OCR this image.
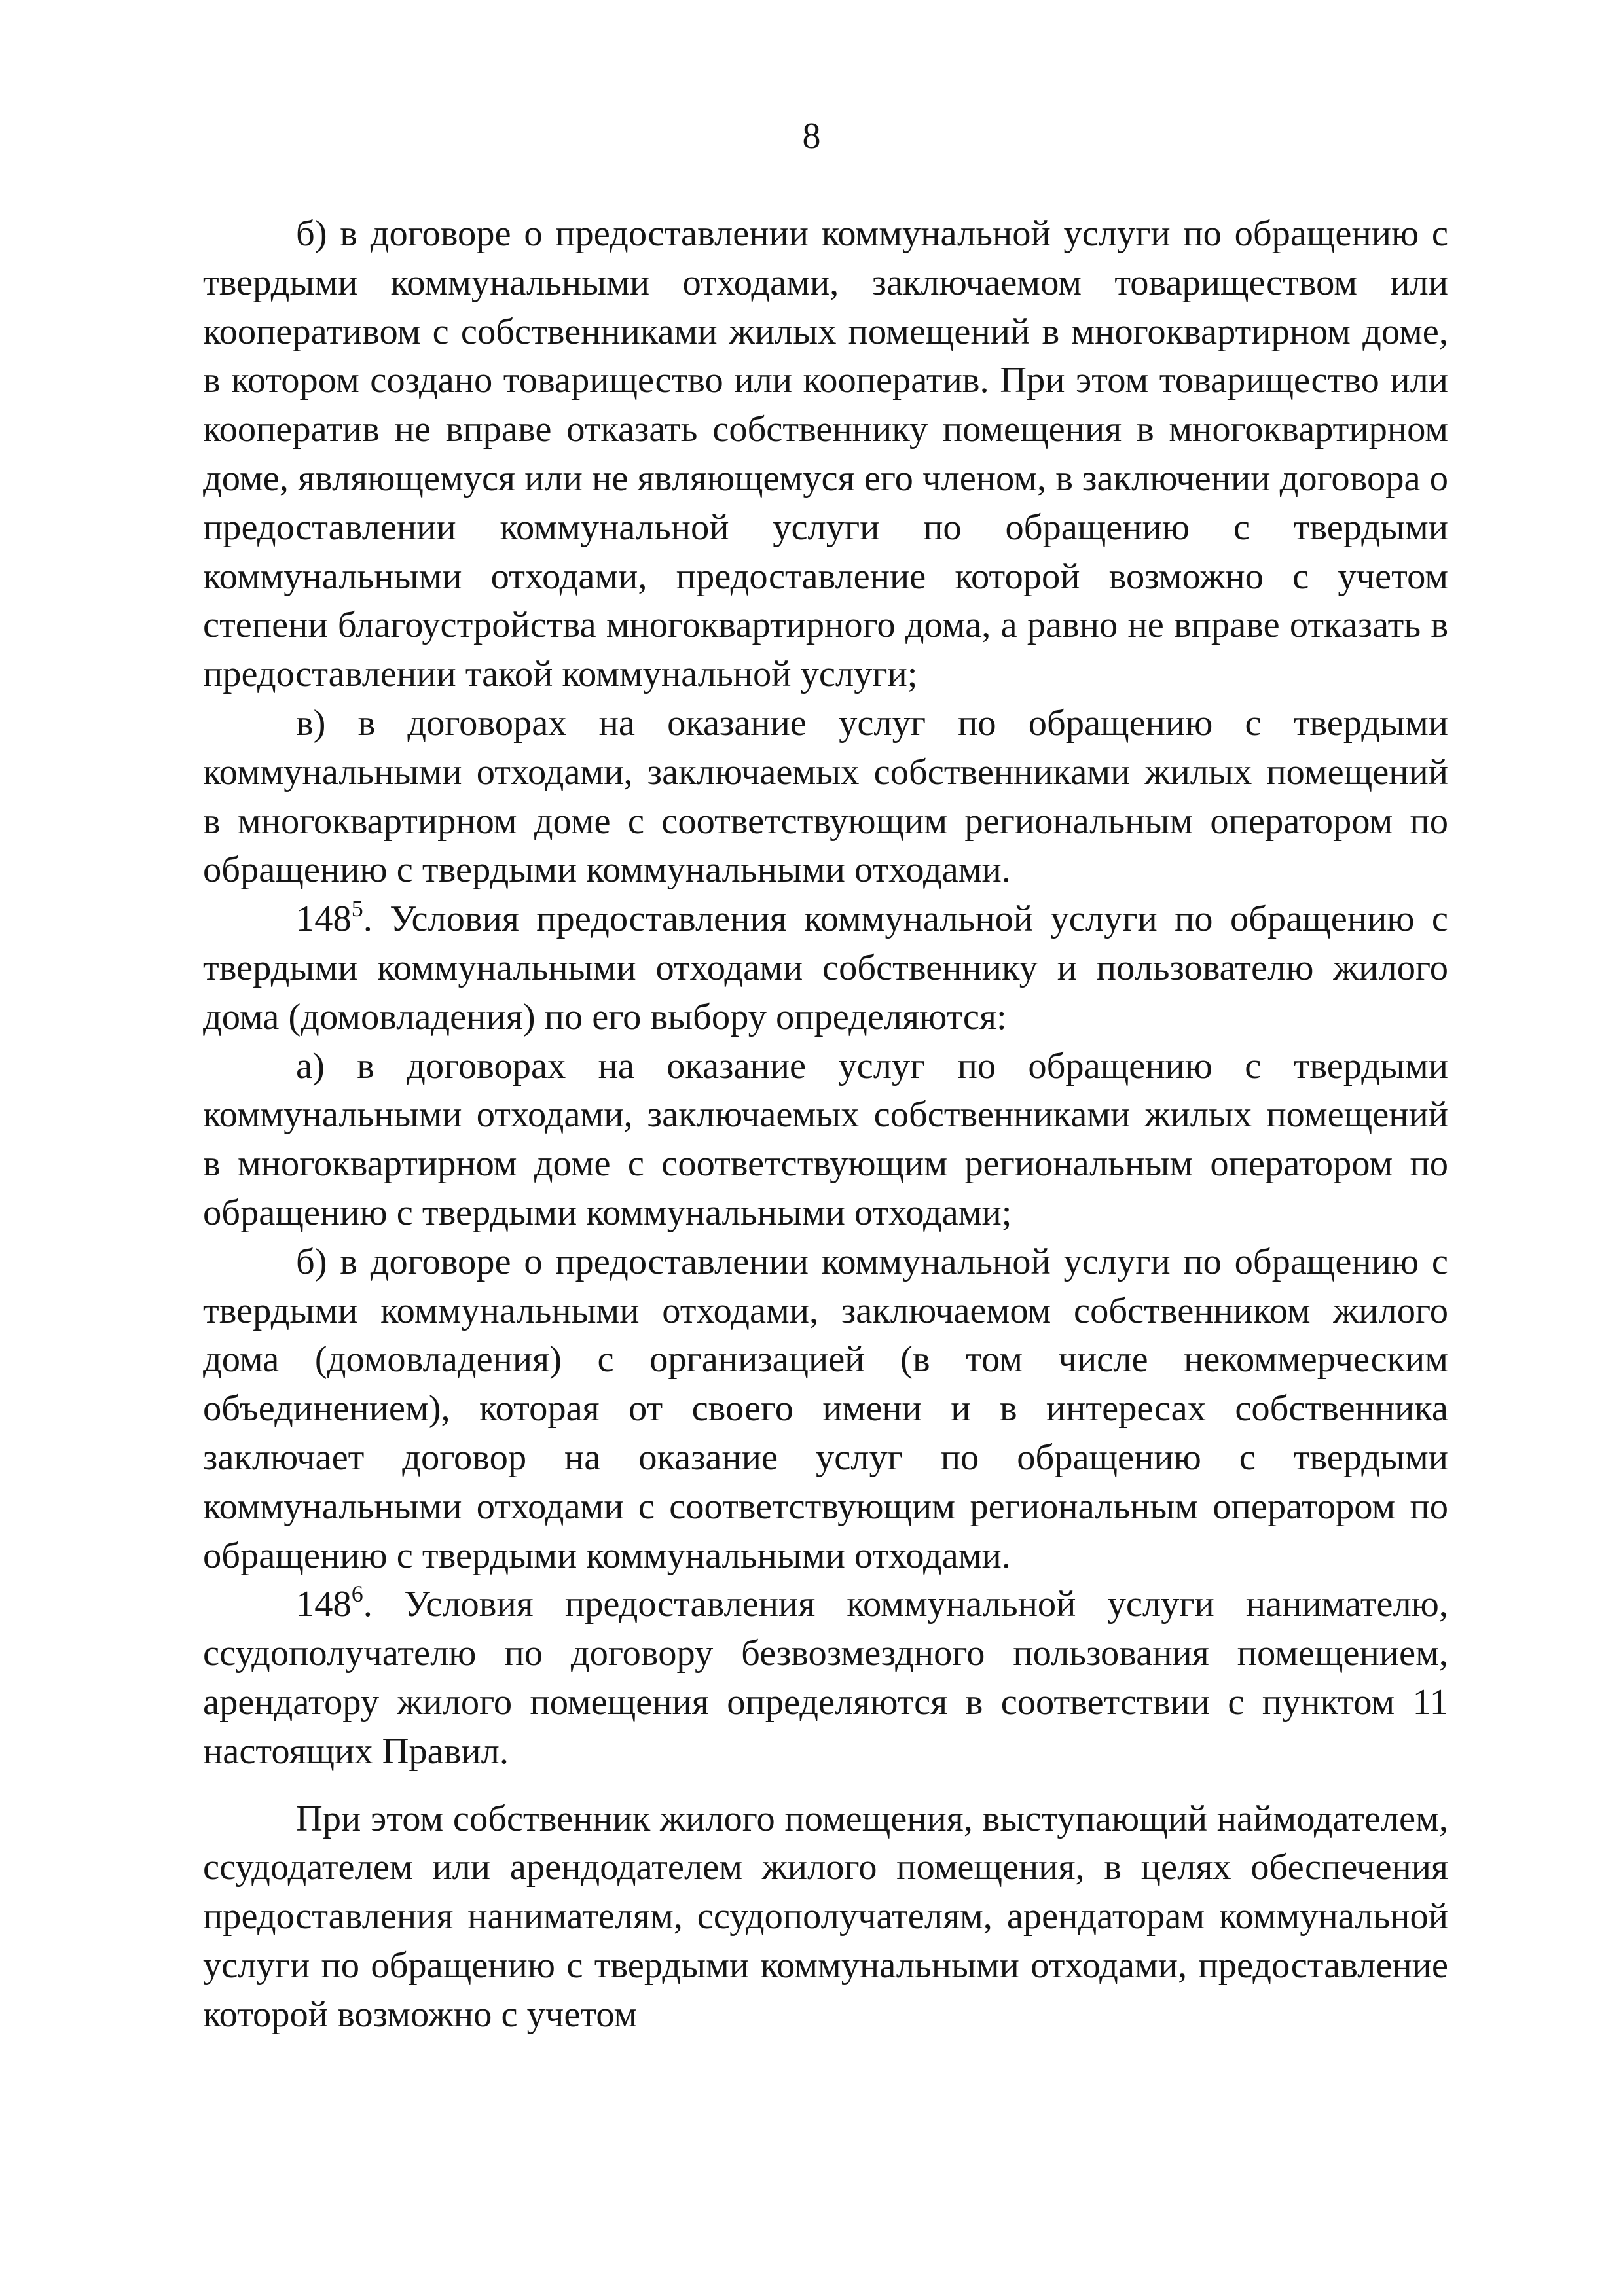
8

б) в договоре о предоставлении коммунальной услуги по обращению с твердыми коммунальными отходами, заключаемом товариществом или кооперативом с собственниками жилых помещений в многоквартирном доме, в котором создано товарищество или кооператив. При этом товарищество или кооператив не вправе отказать собственнику помещения в многоквартирном доме, являющемуся или не являющемуся его членом, в заключении договора о предоставлении коммунальной услуги по обращению с твердыми коммунальными отходами, предоставление которой возможно с учетом степени благоустройства многоквартирного дома, а равно не вправе отказать в предоставлении такой коммунальной услуги;

в) в договорах на оказание услуг по обращению с твердыми коммунальными отходами, заключаемых собственниками жилых помещений в многоквартирном доме с соответствующим региональным оператором по обращению с твердыми коммунальными отходами.

$148^5$. Условия предоставления коммунальной услуги по обращению с твердыми коммунальными отходами собственнику и пользователю жилого дома (домовладения) по его выбору определяются:

а) в договорах на оказание услуг по обращению с твердыми коммунальными отходами, заключаемых собственниками жилых помещений в многоквартирном доме с соответствующим региональным оператором по обращению с твердыми коммунальными отходами;

б) в договоре о предоставлении коммунальной услуги по обращению с твердыми коммунальными отходами, заключаемом собственником жилого дома (домовладения) с организацией (в том числе некоммерческим объединением), которая от своего имени и в интересах собственника заключает договор на оказание услуг по обращению с твердыми коммунальными отходами с соответствующим региональным оператором по обращению с твердыми коммунальными отходами.

$148^6$. Условия предоставления коммунальной услуги нанимателю, ссудополучателю по договору безвозмездного пользования помещением, арендатору жилого помещения определяются в соответствии с пунктом 11 настоящих Правил.

При этом собственник жилого помещения, выступающий наймодателем, ссудодателем или арендодателем жилого помещения, в целях обеспечения предоставления нанимателям, ссудополучателям, арендаторам коммунальной услуги по обращению с твердыми коммунальными отходами, предоставление которой возможно с учетом
